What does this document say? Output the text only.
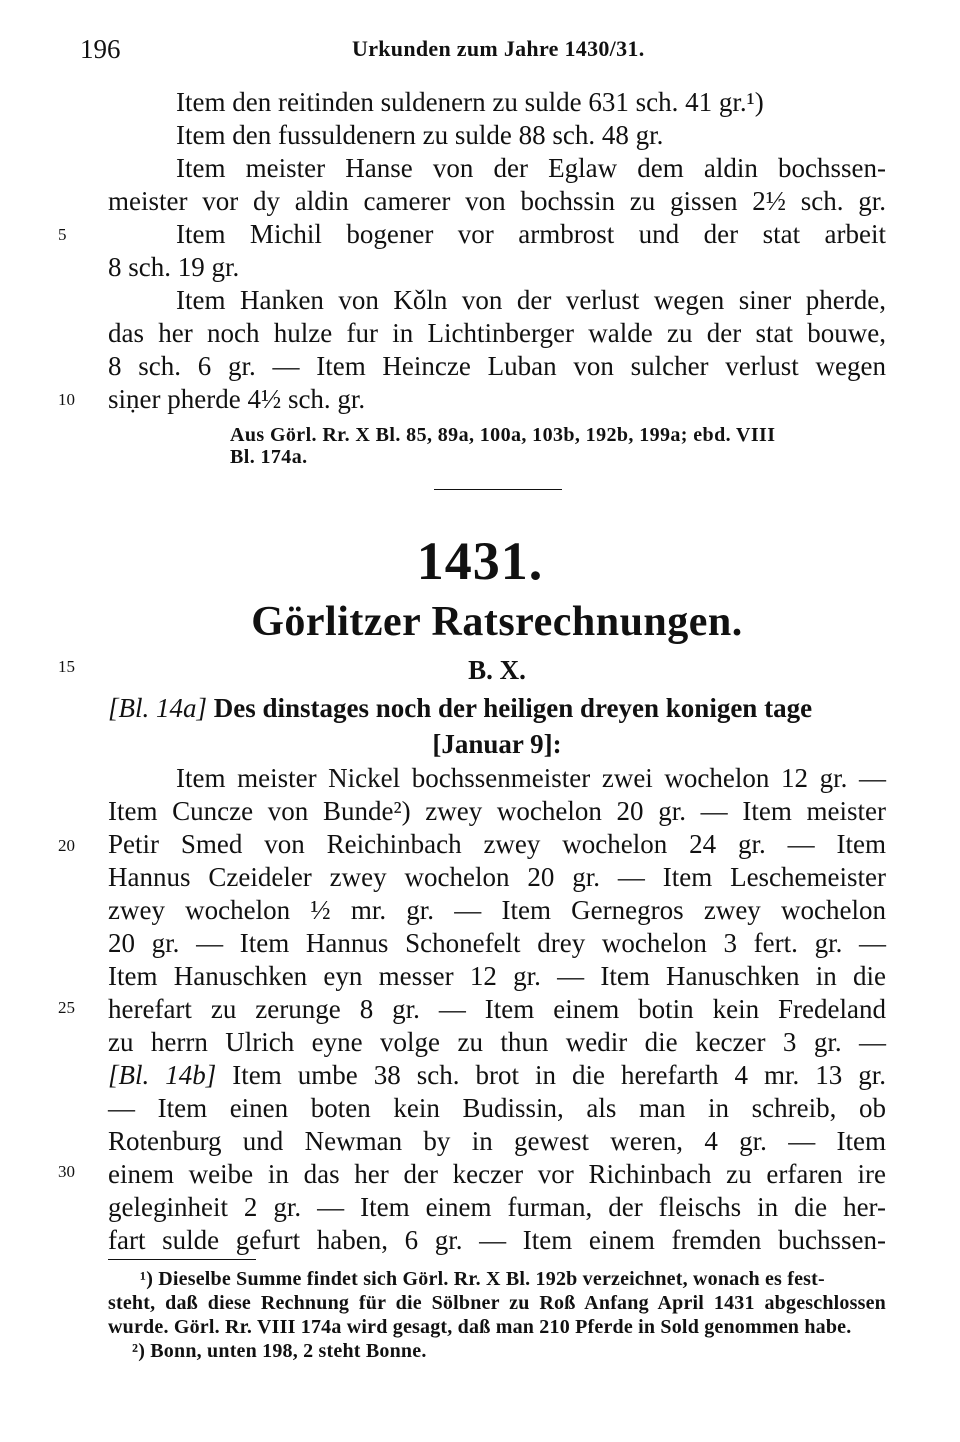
196	Urkunden zum Jahre 1430/31.
Item den reitinden suldenern zu sulde 631 sch. 41 gr.¹)
Item den fussuldenern zu sulde 88 sch. 48 gr.
Item meister Hanse von der Eglaw dem aldin bochssen-
meister vor dy aldin camerer von bochssin zu gissen 2½ sch. gr.
Item Michil bogener vor armbrost und der stat arbeit
8 sch. 19 gr.
Item Hanken von Kǒln von der verlust wegen siner pherde,
das her noch hulze fur in Lichtinberger walde zu der stat bouwe,
8 sch. 6 gr. — Item Heincze Luban von sulcher verlust wegen
siṇer pherde 4½ sch. gr.
Aus Görl. Rr. X Bl. 85, 89a, 100a, 103b, 192b, 199a; ebd. VIII
Bl. 174a.
5
10
15
20
25
30
1431.
Görlitzer Ratsrechnungen.
B. X.
[Bl. 14a] Des dinstages noch der heiligen dreyen konigen tage
[Januar 9]:
Item meister Nickel bochssenmeister zwei wochelon 12 gr. —
Item Cuncze von Bunde²) zwey wochelon 20 gr. — Item meister
Petir Smed von Reichinbach zwey wochelon 24 gr. — Item
Hannus Czeideler zwey wochelon 20 gr. — Item Leschemeister
zwey wochelon ½ mr. gr. — Item Gernegros zwey wochelon
20 gr. — Item Hannus Schonefelt drey wochelon 3 fert. gr. —
Item Hanuschken eyn messer 12 gr. — Item Hanuschken in die
herefart zu zerunge 8 gr. — Item einem botin kein Fredeland
zu herrn Ulrich eyne volge zu thun wedir die keczer 3 gr. —
[Bl. 14b] Item umbe 38 sch. brot in die herefarth 4 mr. 13 gr.
— Item einen boten kein Budissin, als man in schreib, ob
Rotenburg und Newman by in gewest weren, 4 gr. — Item
einem weibe in das her der keczer vor Richinbach zu erfaren ire
geleginheit 2 gr. — Item einem furman, der fleischs in die her-
fart sulde gefurt haben, 6 gr. — Item einem fremden buchssen-
¹) Dieselbe Summe findet sich Görl. Rr. X Bl. 192b verzeichnet, wonach es fest-
steht, daß diese Rechnung für die Sölbner zu Roß Anfang April 1431 abgeschlossen
wurde. Görl. Rr. VIII 174a wird gesagt, daß man 210 Pferde in Sold genommen habe.
²) Bonn, unten 198, 2 steht Bonne.
